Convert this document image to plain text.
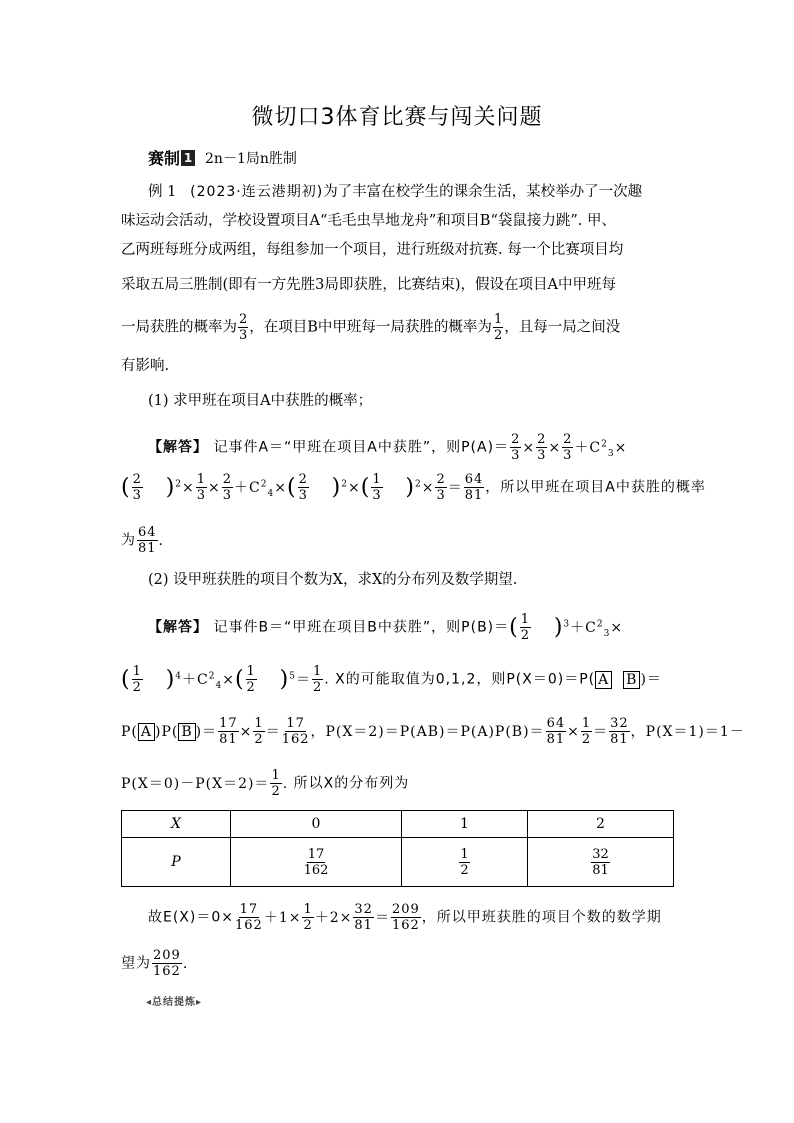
微切口3体育比赛与闯关问题
赛制 1 2n－1局n胜制
例 1 (2023·连云港期初)为了丰富在校学生的课余生活，某校举办了一次趣
味运动会活动，学校设置项目A“毛毛虫旱地龙舟”和项目B“袋鼠接力跳”. 甲、
乙两班每班分成两组，每组参加一个项目，进行班级对抗赛. 每一个比赛项目均
采取五局三胜制(即有一方先胜3局即获胜，比赛结束)，假设在项目A中甲班每
一局获胜的概率为 $\frac{2}{3}$ ，在项目B中甲班每一局获胜的概率为 $\frac{1}{2}$ ，且每一局之间没
有影响.
(1) 求甲班在项目A中获胜的概率；
【解答】 记事件A＝“甲班在项目A中获胜”，则$P(A)= \frac{2}{3} \times \frac{2}{3} \times \frac{2}{3} +C^2_3\times$
( $\frac{2}{3} )^2\times \frac{1}{3} \times \frac{2}{3} +C^2_4\times( \frac{2}{3} )^2\times( \frac{1}{3} )^2\times \frac{2}{3} = \frac{64}{81}$ ，所以甲班在项目A中获胜的概率
为 $\frac{64}{81}$ .
(2) 设甲班获胜的项目个数为X，求X的分布列及数学期望.
【解答】 记事件B＝“甲班在项目B中获胜”，则$P(B)=( \frac{1}{2} )^3+C^2_3\times$
( $\frac{1}{2} )^4+C^2_4\times( \frac{1}{2} )^5= \frac{1}{2}$ . X的可能取值为0,1,2，则P(X＝0)＝P( A B )＝
P( A )P( B )＝ $\frac{17}{81} \times \frac{1}{2} = \frac{17}{162}$ ，$P(X=2)=P(AB)=P(A)P(B)= \frac{64}{81} \times \frac{1}{2} = \frac{32}{81}$ ，P(X＝1)＝1－
$P(X=0)-P(X=2)= \frac{1}{2}$ . 所以X的分布列为
X	0	1	2
P	$\frac{17}{162}$	$\frac{1}{2}$	$\frac{32}{81}$
故$E(X)=0\times \frac{17}{162} +1\times \frac{1}{2} +2\times \frac{32}{81} = \frac{209}{162}$ ，所以甲班获胜的项目个数的数学期
望为 $\frac{209}{162}$ .
◂总结提炼▸
